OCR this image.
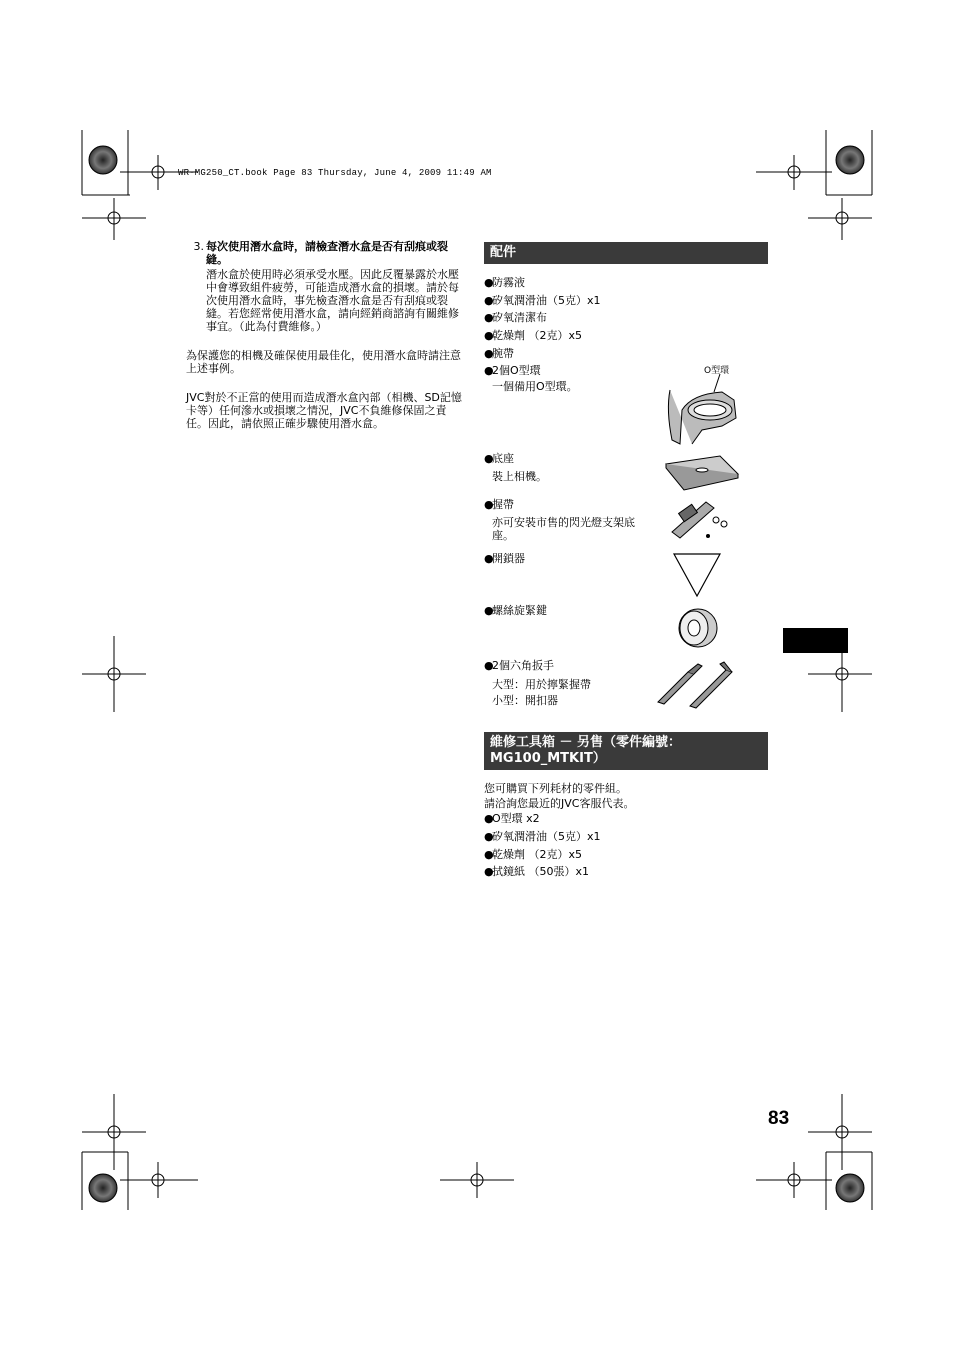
WR-MG250_CT.book Page 83 Thursday, June 4, 2009 11:49 AM
3. 每次使用潛水盒時，請檢查潛水盒是否有刮痕或裂縫。
潛水盒於使用時必須承受水壓。因此反覆暴露於水壓中會導致組件疲勞，可能造成潛水盒的損壞。請於每次使用潛水盒時，事先檢查潛水盒是否有刮痕或裂縫。若您經常使用潛水盒，請向經銷商諮詢有關維修事宜。（此為付費維修。）
為保護您的相機及確保使用最佳化，使用潛水盒時請注意上述事例。
JVC對於不正當的使用而造成潛水盒內部（相機、SD記憶卡等）任何滲水或損壞之情況，JVC不負維修保固之責任。因此，請依照正確步驟使用潛水盒。
配件
●防霧液
●矽氧潤滑油（5克）x1
●矽氧清潔布
●乾燥劑 （2克）x5
●腕帶
●2個O型環
一個備用O型環。
O型環
●底座
裝上相機。
●握帶
亦可安裝市售的閃光燈支架底座。
●開鎖器
●螺絲旋緊鍵
●2個六角扳手
大型：用於擰緊握帶
小型：開扣器
維修工具箱 － 另售（零件編號：MG100_MTKIT）
您可購買下列耗材的零件組。
請洽詢您最近的JVC客服代表。
●O型環 x2
●矽氧潤滑油（5克）x1
●乾燥劑 （2克）x5
●拭鏡紙 （50張）x1
83
